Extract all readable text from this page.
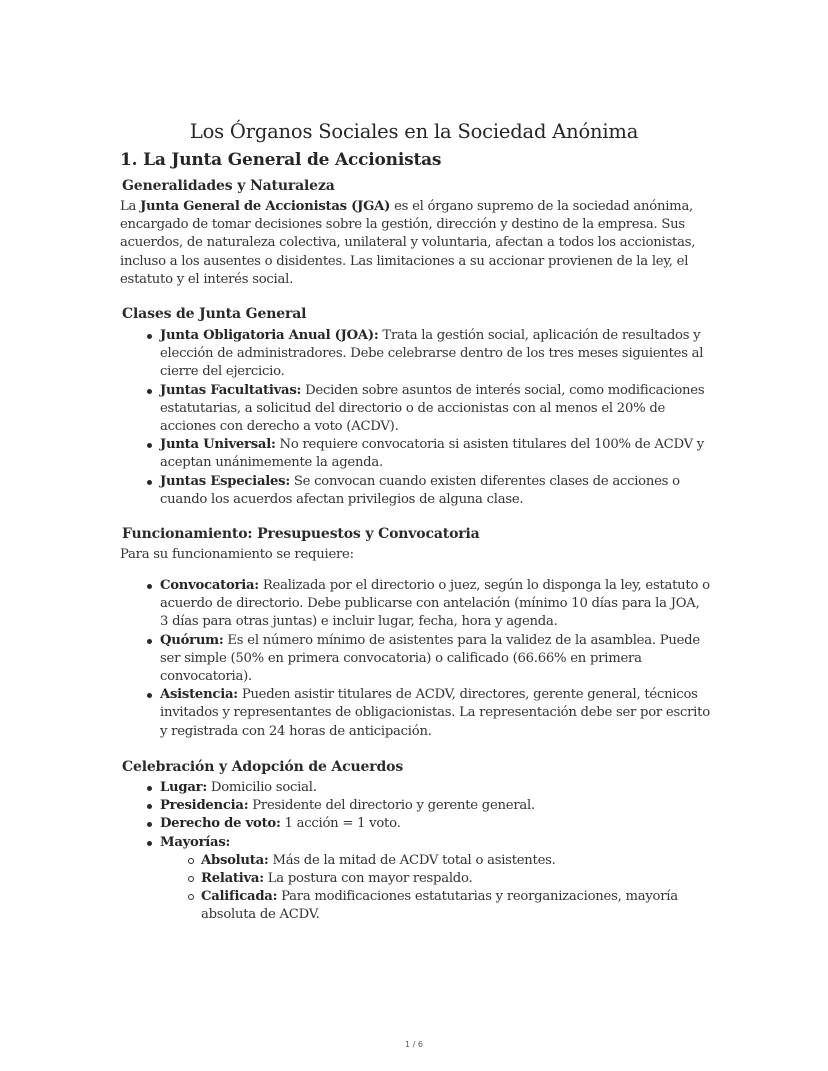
Los Órganos Sociales en la Sociedad Anónima
1. La Junta General de Accionistas
Generalidades y Naturaleza

La Junta General de Accionistas (JGA) es el órgano supremo de la sociedad anónima, encargado de tomar decisiones sobre la gestión, dirección y destino de la empresa. Sus acuerdos, de naturaleza colectiva, unilateral y voluntaria, afectan a todos los accionistas, incluso a los ausentes o disidentes. Las limitaciones a su accionar provienen de la ley, el estatuto y el interés social.

Clases de Junta General
Junta Obligatoria Anual (JOA): Trata la gestión social, aplicación de resultados y elección de administradores. Debe celebrarse dentro de los tres meses siguientes al cierre del ejercicio.
Juntas Facultativas: Deciden sobre asuntos de interés social, como modificaciones estatutarias, a solicitud del directorio o de accionistas con al menos el 20% de acciones con derecho a voto (ACDV).
Junta Universal: No requiere convocatoria si asisten titulares del 100% de ACDV y aceptan unánimemente la agenda.
Juntas Especiales: Se convocan cuando existen diferentes clases de acciones o cuando los acuerdos afectan privilegios de alguna clase.
Funcionamiento: Presupuestos y Convocatoria

Para su funcionamiento se requiere:

Convocatoria: Realizada por el directorio o juez, según lo disponga la ley, estatuto o acuerdo de directorio. Debe publicarse con antelación (mínimo 10 días para la JOA, 3 días para otras juntas) e incluir lugar, fecha, hora y agenda.
Quórum: Es el número mínimo de asistentes para la validez de la asamblea. Puede ser simple (50% en primera convocatoria) o calificado (66.66% en primera convocatoria).
Asistencia: Pueden asistir titulares de ACDV, directores, gerente general, técnicos invitados y representantes de obligacionistas. La representación debe ser por escrito y registrada con 24 horas de anticipación.
Celebración y Adopción de Acuerdos
Lugar: Domicilio social.
Presidencia: Presidente del directorio y gerente general.
Derecho de voto: 1 acción = 1 voto.
Mayorías:
Absoluta: Más de la mitad de ACDV total o asistentes.
Relativa: La postura con mayor respaldo.
Calificada: Para modificaciones estatutarias y reorganizaciones, mayoría absoluta de ACDV.
1 / 6
